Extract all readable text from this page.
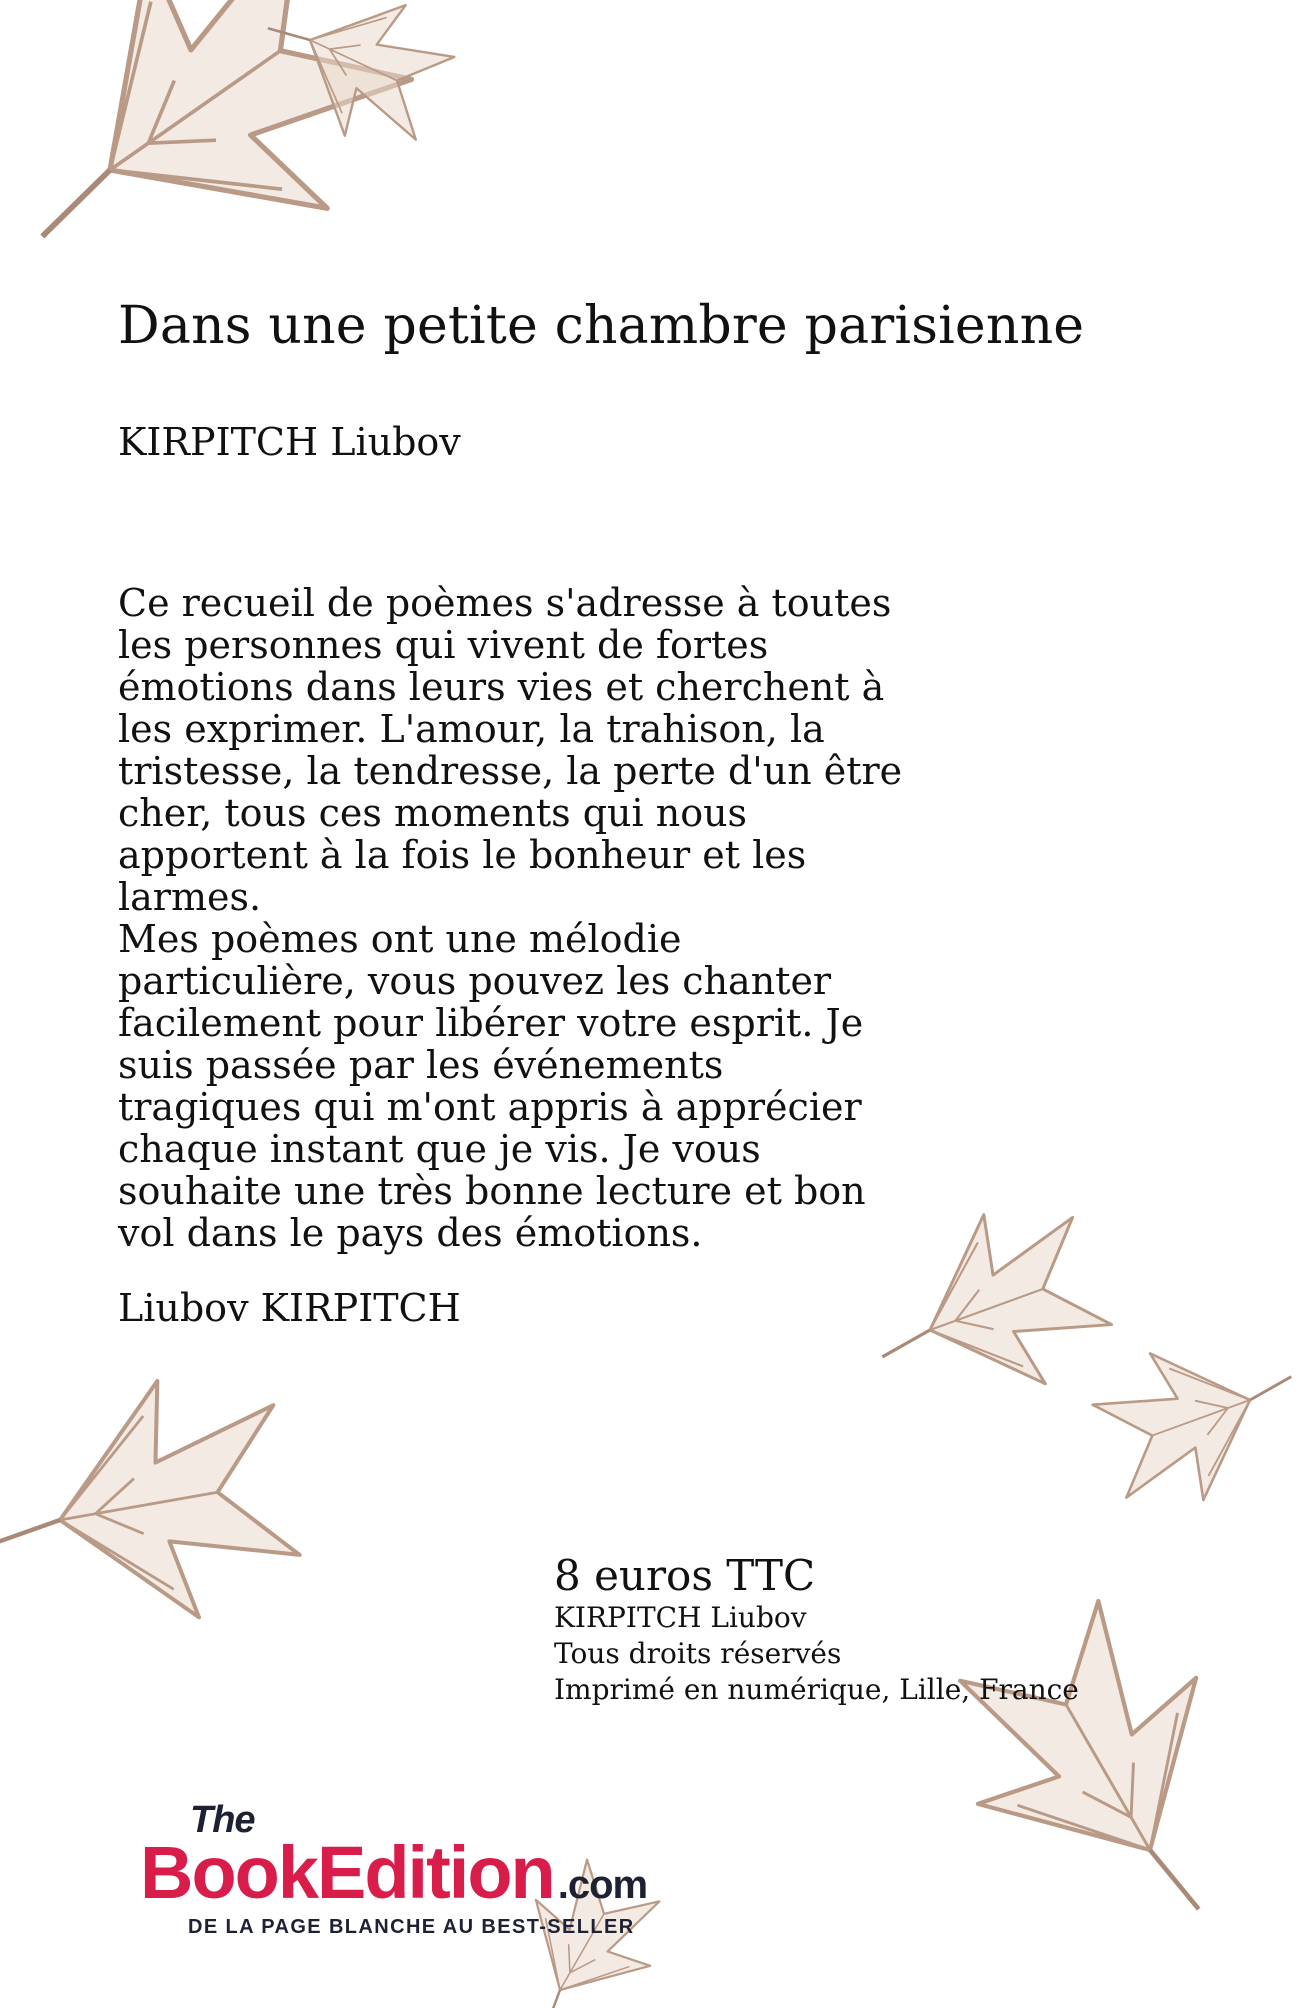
Dans une petite chambre parisienne
KIRPITCH Liubov

Ce recueil de poèmes s'adresse à toutes
les personnes qui vivent de fortes
émotions dans leurs vies et cherchent à
les exprimer. L'amour, la trahison, la
tristesse, la tendresse, la perte d'un être
cher, tous ces moments qui nous
apportent à la fois le bonheur et les
larmes.

Mes poèmes ont une mélodie
particulière, vous pouvez les chanter
facilement pour libérer votre esprit. Je
suis passée par les événements
tragiques qui m'ont appris à apprécier
chaque instant que je vis. Je vous
souhaite une très bonne lecture et bon
vol dans le pays des émotions.

Liubov KIRPITCH
8 euros TTC
KIRPITCH Liubov
Tous droits réservés
Imprimé en numérique, Lille, France
The
BookEdition .com
DE LA PAGE BLANCHE AU BEST-SELLER
